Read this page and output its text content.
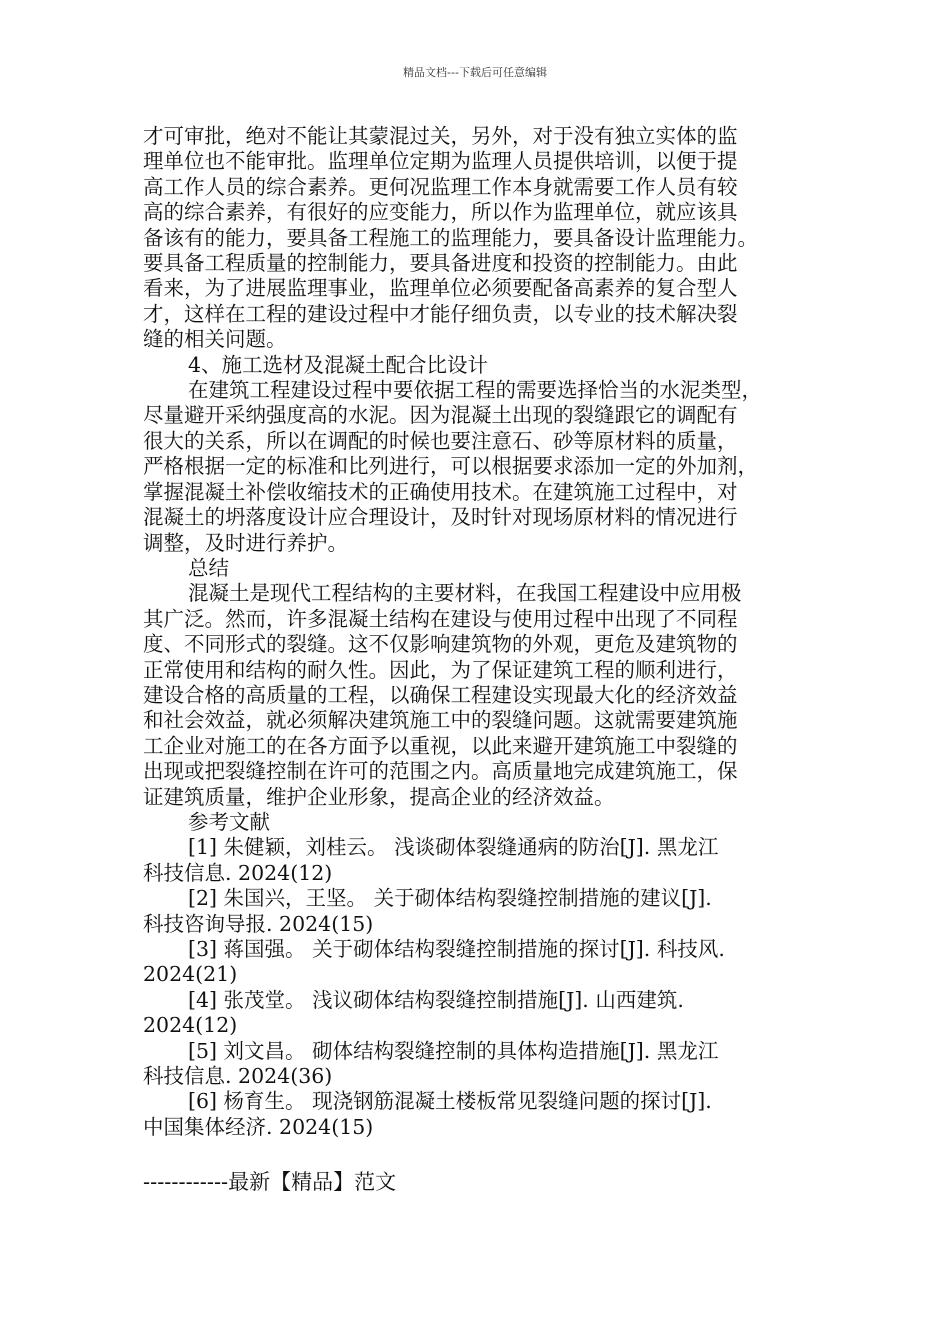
精品文档---下载后可任意编辑
才可审批，绝对不能让其蒙混过关，另外，对于没有独立实体的监
理单位也不能审批。监理单位定期为监理人员提供培训，以便于提
高工作人员的综合素养。更何况监理工作本身就需要工作人员有较
高的综合素养，有很好的应变能力，所以作为监理单位，就应该具
备该有的能力，要具备工程施工的监理能力，要具备设计监理能力。
要具备工程质量的控制能力，要具备进度和投资的控制能力。由此
看来，为了进展监理事业，监理单位必须要配备高素养的复合型人
才，这样在工程的建设过程中才能仔细负责，以专业的技术解决裂
缝的相关问题。
4、施工选材及混凝土配合比设计
在建筑工程建设过程中要依据工程的需要选择恰当的水泥类型，
尽量避开采纳强度高的水泥。因为混凝土出现的裂缝跟它的调配有
很大的关系，所以在调配的时候也要注意石、砂等原材料的质量，
严格根据一定的标准和比列进行，可以根据要求添加一定的外加剂，
掌握混凝土补偿收缩技术的正确使用技术。在建筑施工过程中，对
混凝土的坍落度设计应合理设计，及时针对现场原材料的情况进行
调整，及时进行养护。
总结
混凝土是现代工程结构的主要材料，在我国工程建设中应用极
其广泛。然而，许多混凝土结构在建设与使用过程中出现了不同程
度、不同形式的裂缝。这不仅影响建筑物的外观，更危及建筑物的
正常使用和结构的耐久性。因此，为了保证建筑工程的顺利进行，
建设合格的高质量的工程，以确保工程建设实现最大化的经济效益
和社会效益，就必须解决建筑施工中的裂缝问题。这就需要建筑施
工企业对施工的在各方面予以重视，以此来避开建筑施工中裂缝的
出现或把裂缝控制在许可的范围之内。高质量地完成建筑施工，保
证建筑质量，维护企业形象，提高企业的经济效益。
参考文献
[1] 朱健颖，刘桂云。 浅谈砌体裂缝通病的防治[J]. 黑龙江
科技信息. 2024(12)
[2] 朱国兴，王坚。 关于砌体结构裂缝控制措施的建议[J].
科技咨询导报. 2024(15)
[3] 蒋国强。 关于砌体结构裂缝控制措施的探讨[J]. 科技风.
2024(21)
[4] 张茂堂。 浅议砌体结构裂缝控制措施[J]. 山西建筑.
2024(12)
[5] 刘文昌。 砌体结构裂缝控制的具体构造措施[J]. 黑龙江
科技信息. 2024(36)
[6] 杨育生。 现浇钢筋混凝土楼板常见裂缝问题的探讨[J].
中国集体经济. 2024(15)
------------最新【精品】范文
